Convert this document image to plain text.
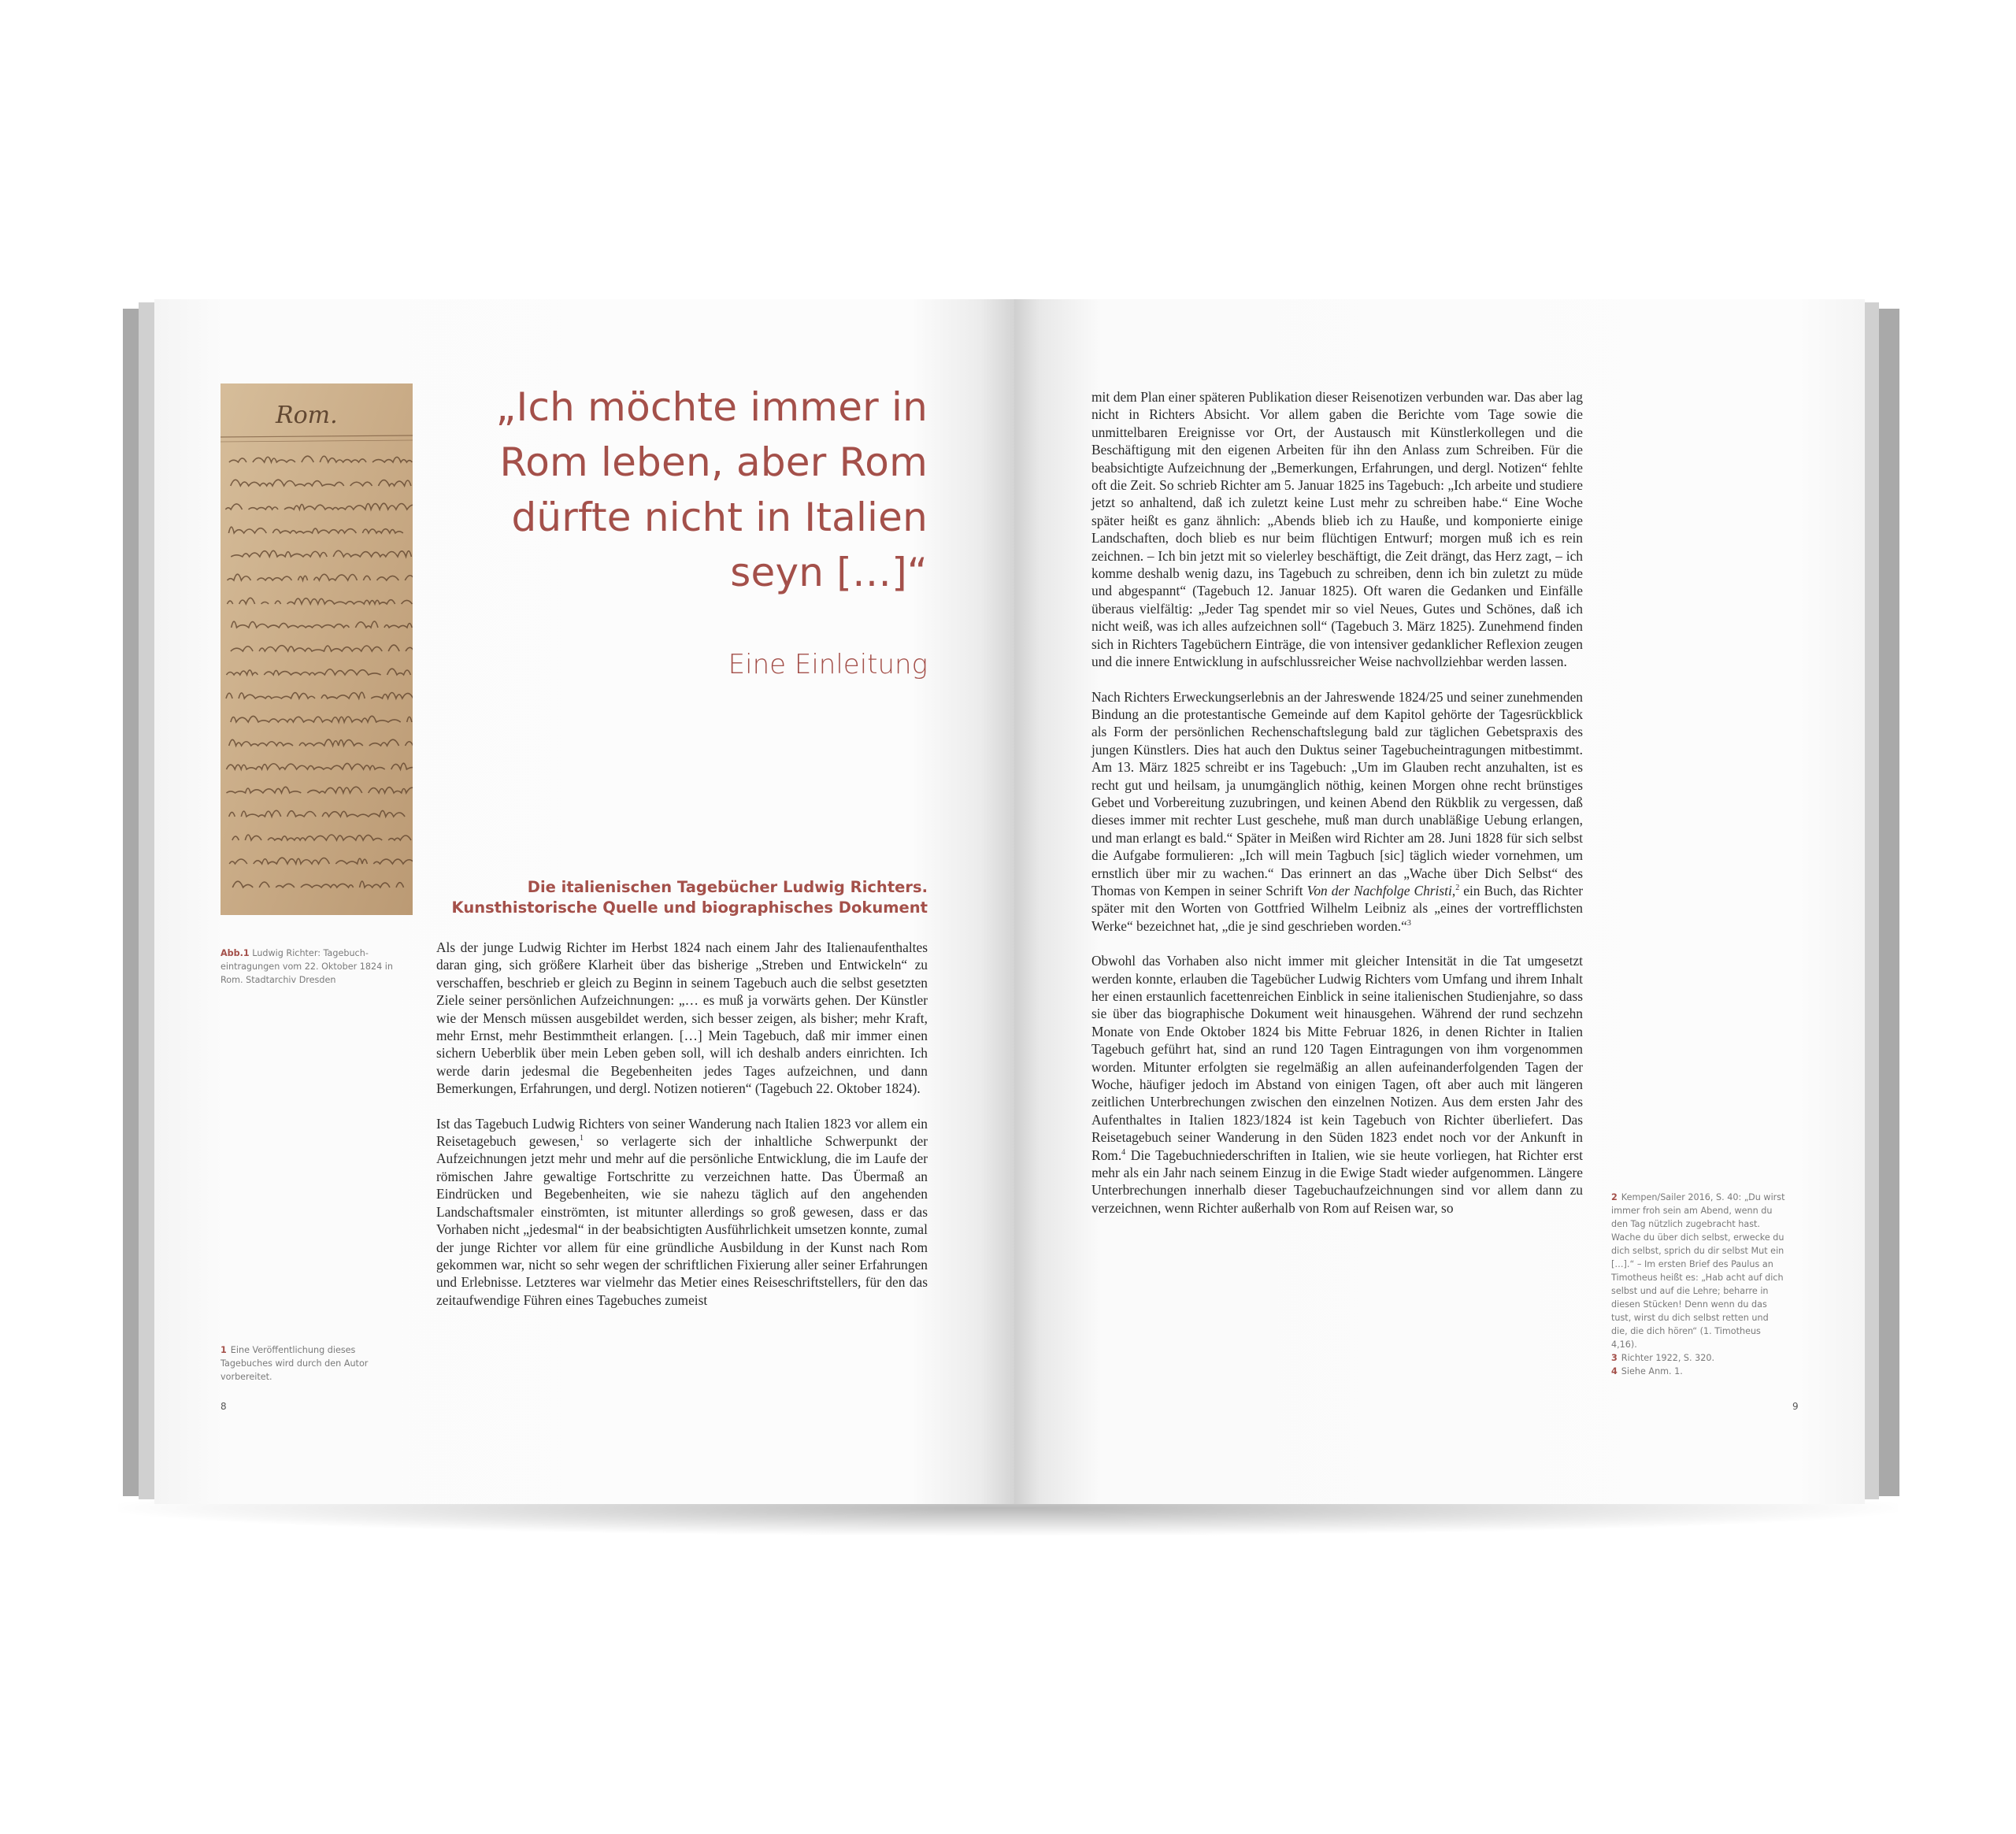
Rom.	„Ich möchte immer in Rom leben, aber Rom dürfte nicht in Italien seyn […]“
Eine Einleitung
Die italienischen Tagebücher Ludwig Richters.
Kunsthistorische Quelle und biographisches Dokument
Abb.1 Ludwig Richter: Tagebucheintragungen vom 22. Oktober 1824 in Rom. Stadtarchiv Dresden

Als der junge Ludwig Richter im Herbst 1824 nach einem Jahr des Italienaufenthaltes daran ging, sich größere Klarheit über das bisherige „Streben und Entwickeln“ zu verschaffen, beschrieb er gleich zu Beginn in seinem Tagebuch auch die selbst gesetzten Ziele seiner persönlichen Aufzeichnungen: „… es muß ja vorwärts gehen. Der Künstler wie der Mensch müssen ausgebildet werden, sich besser zeigen, als bisher; mehr Kraft, mehr Ernst, mehr Bestimmtheit erlangen. […] Mein Tagebuch, daß mir immer einen sichern Ueberblik über mein Leben geben soll, will ich deshalb anders einrichten. Ich werde darin jedesmal die Begebenheiten jedes Tages aufzeichnen, und dann Bemerkungen, Erfahrungen, und dergl. Notizen notieren“ (Tagebuch 22. Oktober 1824).

Ist das Tagebuch Ludwig Richters von seiner Wanderung nach Italien 1823 vor allem ein Reisetagebuch gewesen,$^1$ so verlagerte sich der inhaltliche Schwerpunkt der Aufzeichnungen jetzt mehr und mehr auf die persönliche Entwicklung, die im Laufe der römischen Jahre gewaltige Fortschritte zu verzeichnen hatte. Das Übermaß an Eindrücken und Begebenheiten, wie sie nahezu täglich auf den angehenden Landschaftsmaler einströmten, ist mitunter allerdings so groß gewesen, dass er das Vorhaben nicht „jedesmal“ in der beabsichtigten Ausführlichkeit umsetzen konnte, zumal der junge Richter vor allem für eine gründliche Ausbildung in der Kunst nach Rom gekommen war, nicht so sehr wegen der schriftlichen Fixierung aller seiner Erfahrungen und Erlebnisse. Letzteres war vielmehr das Metier eines Reiseschriftstellers, für den das zeitaufwendige Führen eines Tagebuches zumeist

1 Eine Veröffentlichung dieses Tagebuches wird durch den Autor vorbereitet.
8

mit dem Plan einer späteren Publikation dieser Reisenotizen verbunden war. Das aber lag nicht in Richters Absicht. Vor allem gaben die Berichte vom Tage sowie die unmittelbaren Ereignisse vor Ort, der Austausch mit Künstlerkollegen und die Beschäftigung mit den eigenen Arbeiten für ihn den Anlass zum Schreiben. Für die beabsichtigte Aufzeichnung der „Bemerkungen, Erfahrungen, und dergl. Notizen“ fehlte oft die Zeit. So schrieb Richter am 5. Januar 1825 ins Tagebuch: „Ich arbeite und studiere jetzt so anhaltend, daß ich zuletzt keine Lust mehr zu schreiben habe.“ Eine Woche später heißt es ganz ähnlich: „Abends blieb ich zu Hauße, und komponierte einige Landschaften, doch blieb es nur beim flüchtigen Entwurf; morgen muß ich es rein zeichnen. – Ich bin jetzt mit so vielerley beschäftigt, die Zeit drängt, das Herz zagt, – ich komme deshalb wenig dazu, ins Tagebuch zu schreiben, denn ich bin zuletzt zu müde und abgespannt“ (Tagebuch 12. Januar 1825). Oft waren die Gedanken und Einfälle überaus vielfältig: „Jeder Tag spendet mir so viel Neues, Gutes und Schönes, daß ich nicht weiß, was ich alles aufzeichnen soll“ (Tagebuch 3. März 1825). Zunehmend finden sich in Richters Tagebüchern Einträge, die von intensiver gedanklicher Reflexion zeugen und die innere Entwicklung in aufschlussreicher Weise nachvollziehbar werden lassen.

Nach Richters Erweckungserlebnis an der Jahreswende 1824/25 und seiner zunehmenden Bindung an die protestantische Gemeinde auf dem Kapitol gehörte der Tagesrückblick als Form der persönlichen Rechenschaftslegung bald zur täglichen Gebetspraxis des jungen Künstlers. Dies hat auch den Duktus seiner Tagebucheintragungen mitbestimmt. Am 13. März 1825 schreibt er ins Tagebuch: „Um im Glauben recht anzuhalten, ist es recht gut und heilsam, ja unumgänglich nöthig, keinen Morgen ohne recht brünstiges Gebet und Vorbereitung zuzubringen, und keinen Abend den Rükblik zu vergessen, daß dieses immer mit rechter Lust geschehe, muß man durch unabläßige Uebung erlangen, und man erlangt es bald.“ Später in Meißen wird Richter am 28. Juni 1828 für sich selbst die Aufgabe formulieren: „Ich will mein Tagbuch [sic] täglich wieder vornehmen, um ernstlich über mir zu wachen.“ Das erinnert an das „Wache über Dich Selbst“ des Thomas von Kempen in seiner Schrift Von der Nachfolge Christi,$^2$ ein Buch, das Richter später mit den Worten von Gottfried Wilhelm Leibniz als „eines der vortrefflichsten Werke“ bezeichnet hat, „die je sind geschrieben worden.“$^3$

Obwohl das Vorhaben also nicht immer mit gleicher Intensität in die Tat umgesetzt werden konnte, erlauben die Tagebücher Ludwig Richters vom Umfang und ihrem Inhalt her einen erstaunlich facettenreichen Einblick in seine italienischen Studienjahre, so dass sie über das biographische Dokument weit hinausgehen. Während der rund sechzehn Monate von Ende Oktober 1824 bis Mitte Februar 1826, in denen Richter in Italien Tagebuch geführt hat, sind an rund 120 Tagen Eintragungen von ihm vorgenommen worden. Mitunter erfolgten sie regelmäßig an allen aufeinanderfolgenden Tagen der Woche, häufiger jedoch im Abstand von einigen Tagen, oft aber auch mit längeren zeitlichen Unterbrechungen zwischen den einzelnen Notizen. Aus dem ersten Jahr des Aufenthaltes in Italien 1823/1824 ist kein Tagebuch von Richter überliefert. Das Reisetagebuch seiner Wanderung in den Süden 1823 endet noch vor der Ankunft in Rom.$^4$ Die Tagebuchniederschriften in Italien, wie sie heute vorliegen, hat Richter erst mehr als ein Jahr nach seinem Einzug in die Ewige Stadt wieder aufgenommen. Längere Unterbrechungen innerhalb dieser Tagebuchaufzeichnungen sind vor allem dann zu verzeichnen, wenn Richter außerhalb von Rom auf Reisen war, so

2 Kempen/Sailer 2016, S. 40: „Du wirst immer froh sein am Abend, wenn du den Tag nützlich zugebracht hast. Wache du über dich selbst, erwecke du dich selbst, sprich du dir selbst Mut ein […].“ – Im ersten Brief des Paulus an Timotheus heißt es: „Hab acht auf dich selbst und auf die Lehre; beharre in diesen Stücken! Denn wenn du das tust, wirst du dich selbst retten und die, die dich hören“ (1. Timotheus 4,16).
3 Richter 1922, S. 320.
4 Siehe Anm. 1.
9
